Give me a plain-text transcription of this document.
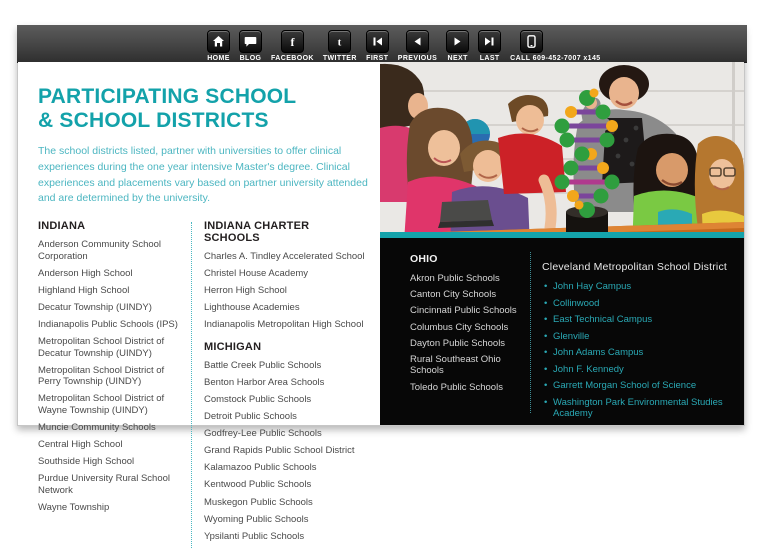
HOME BLOG
f
FACEBOOK
t
TWITTER FIRST PREVIOUS NEXT LAST CALL 609-452-7007 x145
PARTICIPATING SCHOOL
& SCHOOL DISTRICTS
The school districts listed, partner with universities to offer clinical experiences during the one year intensive Master's degree. Clinical experiences and placements vary based on partner university attended and are determined by the university.
INDIANA
Anderson Community School Corporation
Anderson High School
Highland High School
Decatur Township (UINDY)
Indianapolis Public Schools (IPS)
Metropolitan School District of Decatur Township (UINDY)
Metropolitan School District of Perry Township (UINDY)
Metropolitan School District of Wayne Township (UINDY)
Muncie Community Schools
Central High School
Southside High School
Purdue University Rural School Network
Wayne Township
INDIANA CHARTER SCHOOLS
Charles A. Tindley Accelerated School
Christel House Academy
Herron High School
Lighthouse Academies
Indianapolis Metropolitan High School
MICHIGAN
Battle Creek Public Schools
Benton Harbor Area Schools
Comstock Public Schools
Detroit Public Schools
Godfrey-Lee Public Schools
Grand Rapids Public School District
Kalamazoo Public Schools
Kentwood Public Schools
Muskegon Public Schools
Wyoming Public Schools
Ypsilanti Public Schools
OHIO
Akron Public Schools
Canton City Schools
Cincinnati Public Schools
Columbus City Schools
Dayton Public Schools
Rural Southeast Ohio Schools
Toledo Public Schools
Cleveland Metropolitan School District
• John Hay Campus
• Collinwood
• East Technical Campus
• Glenville
• John Adams Campus
• John F. Kennedy
• Garrett Morgan School of Science
• Washington Park Environmental Studies Academy
